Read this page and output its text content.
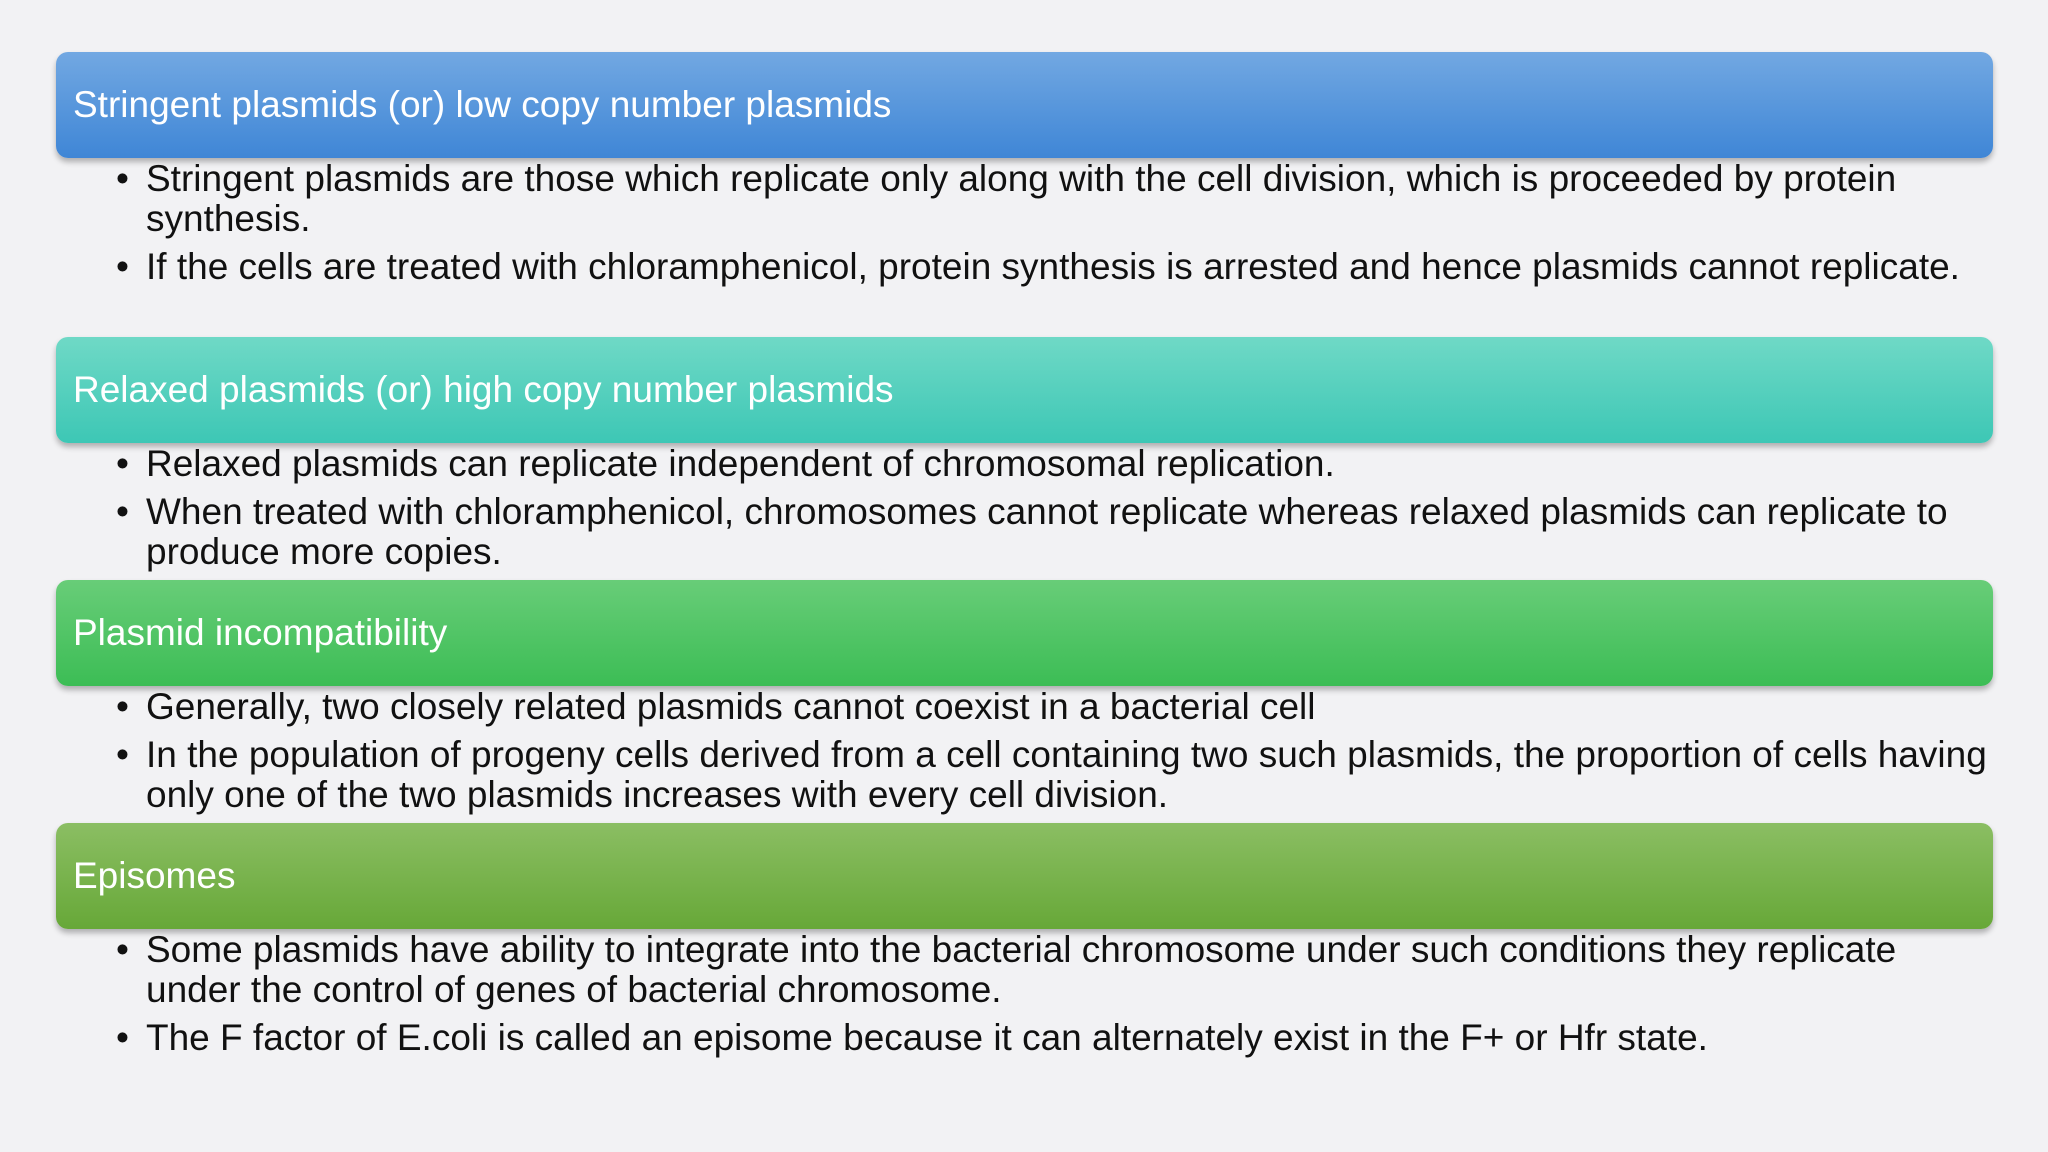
Stringent plasmids (or) low copy number plasmids
• Stringent plasmids are those which replicate only along with the cell division, which is proceeded by protein synthesis.
• If the cells are treated with chloramphenicol, protein synthesis is arrested and hence plasmids cannot replicate.
Relaxed plasmids (or) high copy number plasmids
• Relaxed plasmids can replicate independent of chromosomal replication.
• When treated with chloramphenicol, chromosomes cannot replicate whereas relaxed plasmids can replicate to produce more copies.
Plasmid incompatibility
• Generally, two closely related plasmids cannot coexist in a bacterial cell
• In the population of progeny cells derived from a cell containing two such plasmids, the proportion of cells having only one of the two plasmids increases with every cell division.
Episomes
• Some plasmids have ability to integrate into the bacterial chromosome under such conditions they replicate under the control of genes of bacterial chromosome.
• The F factor of E.coli is called an episome because it can alternately exist in the F+ or Hfr state.
